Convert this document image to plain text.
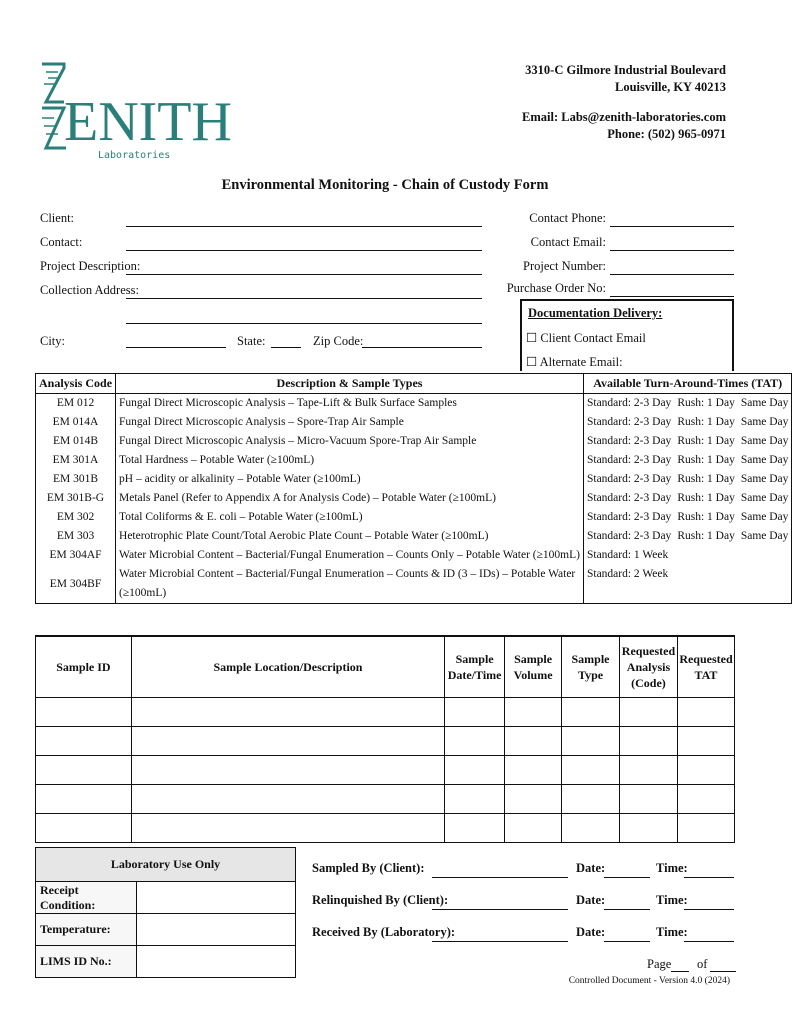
ENITH
Laboratories
3310-C Gilmore Industrial Boulevard
Louisville, KY 40213
Email: Labs@zenith-laboratories.com
Phone: (502) 965-0971
Environmental Monitoring - Chain of Custody Form
Client:
Contact:
Project Description:
Collection Address:
City:	State:	Zip Code:
Contact Phone:
Contact Email:
Project Number:
Purchase Order No:
Documentation Delivery:
☐ Client Contact Email
☐ Alternate Email:
Analysis Code	Description & Sample Types	Available Turn-Around-Times (TAT)		
EM 012	Fungal Direct Microscopic Analysis – Tape-Lift & Bulk Surface Samples	Standard: 2-3 Day	Rush: 1 Day	Same Day
EM 014A	Fungal Direct Microscopic Analysis – Spore-Trap Air Sample	Standard: 2-3 Day	Rush: 1 Day	Same Day
EM 014B	Fungal Direct Microscopic Analysis – Micro-Vacuum Spore-Trap Air Sample	Standard: 2-3 Day	Rush: 1 Day	Same Day
EM 301A	Total Hardness – Potable Water (≥100mL)	Standard: 2-3 Day	Rush: 1 Day	Same Day
EM 301B	pH – acidity or alkalinity – Potable Water (≥100mL)	Standard: 2-3 Day	Rush: 1 Day	Same Day
EM 301B-G	Metals Panel (Refer to Appendix A for Analysis Code) – Potable Water (≥100mL)	Standard: 2-3 Day	Rush: 1 Day	Same Day
EM 302	Total Coliforms & E. coli – Potable Water (≥100mL)	Standard: 2-3 Day	Rush: 1 Day	Same Day
EM 303	Heterotrophic Plate Count/Total Aerobic Plate Count – Potable Water (≥100mL)	Standard: 2-3 Day	Rush: 1 Day	Same Day
EM 304AF	Water Microbial Content – Bacterial/Fungal Enumeration – Counts Only – Potable Water (≥100mL)	Standard: 1 Week		
EM 304BF	Water Microbial Content – Bacterial/Fungal Enumeration – Counts & ID (3 – IDs) – Potable Water (≥100mL)	Standard: 2 Week		
Sample ID	Sample Location/Description	Sample Date/Time	Sample Volume	Sample Type	Requested Analysis (Code)	Requested TAT

Laboratory Use Only	
Receipt Condition:	
Temperature:	
LIMS ID No.:	
Sampled By (Client):	Date:	Time:
Relinquished By (Client):	Date:	Time:
Received By (Laboratory):	Date:	Time:
Page of
Controlled Document - Version 4.0 (2024)
